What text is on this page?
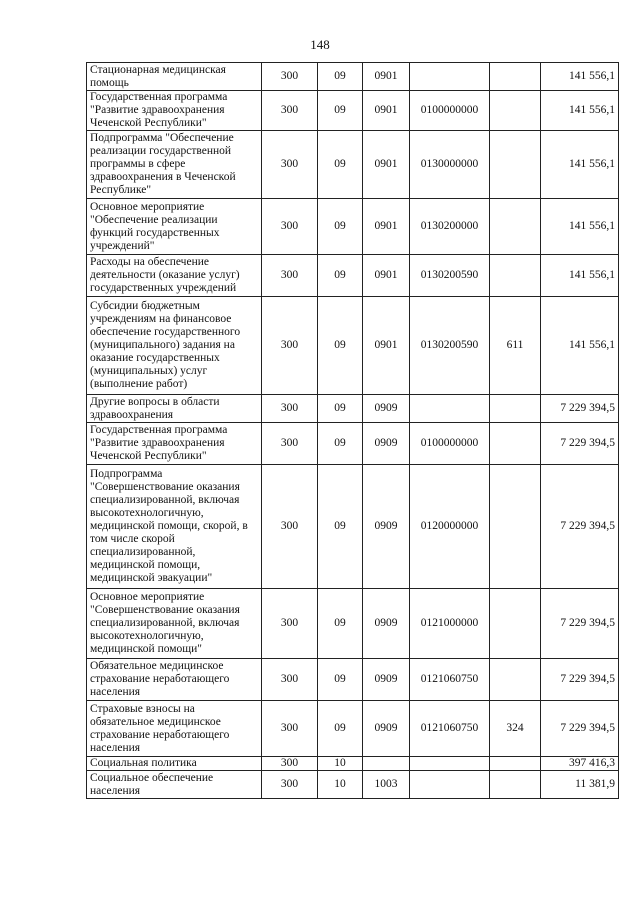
148
Стационарная медицинская помощь	300	09	0901			141 556,1
Государственная программа "Развитие здравоохранения Чеченской Республики"	300	09	0901	0100000000		141 556,1
Подпрограмма "Обеспечение реализации государственной программы в сфере здравоохранения в Чеченской Республике"	300	09	0901	0130000000		141 556,1
Основное мероприятие "Обеспечение реализации функций государственных учреждений"	300	09	0901	0130200000		141 556,1
Расходы на обеспечение деятельности (оказание услуг) государственных учреждений	300	09	0901	0130200590		141 556,1
Субсидии бюджетным учреждениям на финансовое обеспечение государственного (муниципального) задания на оказание государственных (муниципальных) услуг (выполнение работ)	300	09	0901	0130200590	611	141 556,1
Другие вопросы в области здравоохранения	300	09	0909			7 229 394,5
Государственная программа "Развитие здравоохранения Чеченской Республики"	300	09	0909	0100000000		7 229 394,5
Подпрограмма "Совершенствование оказания специализированной, включая высокотехнологичную, медицинской помощи, скорой, в том числе скорой специализированной, медицинской помощи, медицинской эвакуации"	300	09	0909	0120000000		7 229 394,5
Основное мероприятие "Совершенствование оказания специализированной, включая высокотехнологичную, медицинской помощи"	300	09	0909	0121000000		7 229 394,5
Обязательное медицинское страхование неработающего населения	300	09	0909	0121060750		7 229 394,5
Страховые взносы на обязательное медицинское страхование неработающего населения	300	09	0909	0121060750	324	7 229 394,5
Социальная политика	300	10				397 416,3
Социальное обеспечение населения	300	10	1003			11 381,9
